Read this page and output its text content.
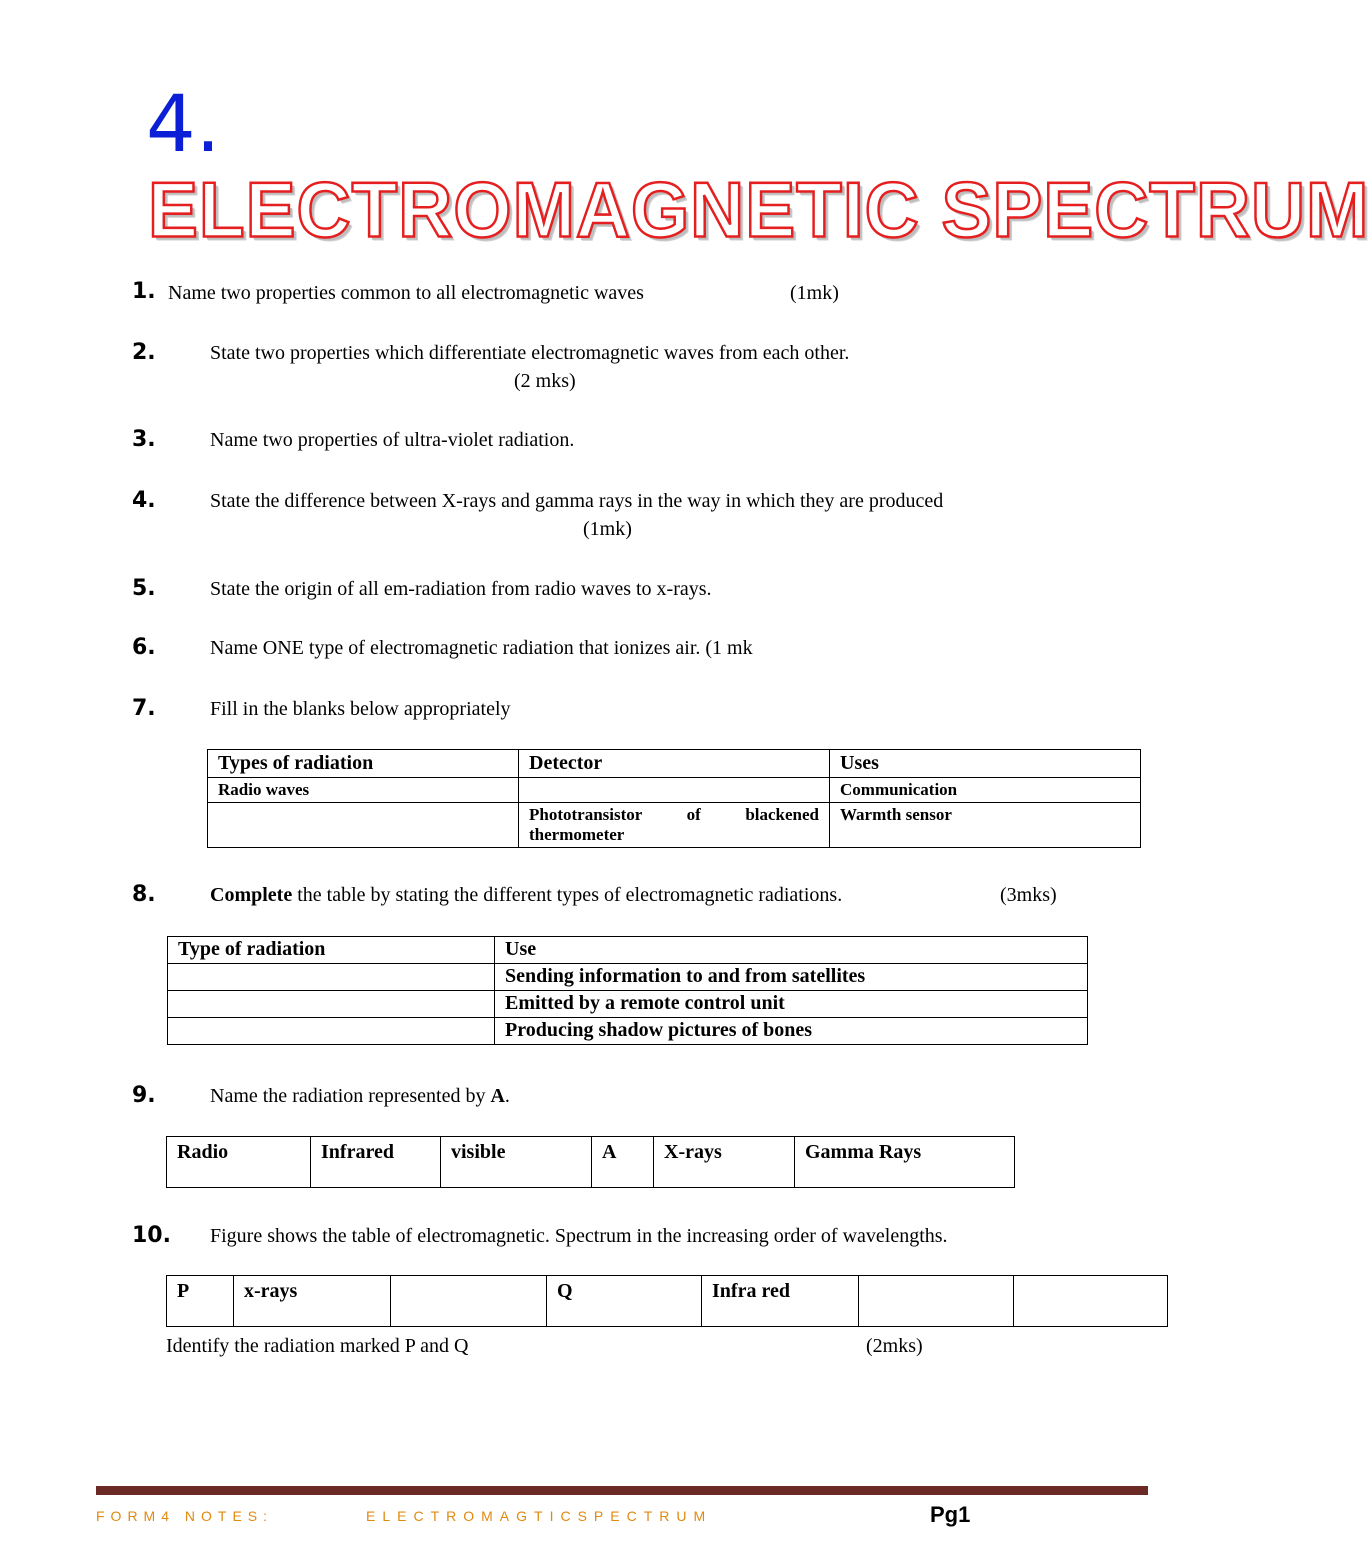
4.
ELECTROMAGNETIC SPECTRUM
1. Name two properties common to all electromagnetic waves	(1mk)
2.	State two properties which differentiate electromagnetic waves from each other.
(2 mks)
3.	Name two properties of ultra-violet radiation.
4.	State the difference between X-rays and gamma rays in the way in which they are produced
(1mk)
5.	State the origin of all em-radiation from radio waves to x-rays.
6.	Name ONE type of electromagnetic radiation that ionizes air. (1 mk
7.	Fill in the blanks below appropriately
Types of radiation	Detector	Uses
Radio waves		Communication
	Phototransistor of blackened thermometer	Warmth sensor
8.	Complete the table by stating the different types of electromagnetic radiations.	(3mks)
Type of radiation	Use
	Sending information to and from satellites
	Emitted by a remote control unit
	Producing shadow pictures of bones
9.	Name the radiation represented by A.
Radio	Infrared	visible	A	X-rays	Gamma Rays
10. Figure shows the table of electromagnetic. Spectrum in the increasing order of wavelengths.
P	x-rays		Q	Infra red		
Identify the radiation marked P and Q	(2mks)
FORM4 NOTES:	ELECTROMAGTICSPECTRUM	Pg1
